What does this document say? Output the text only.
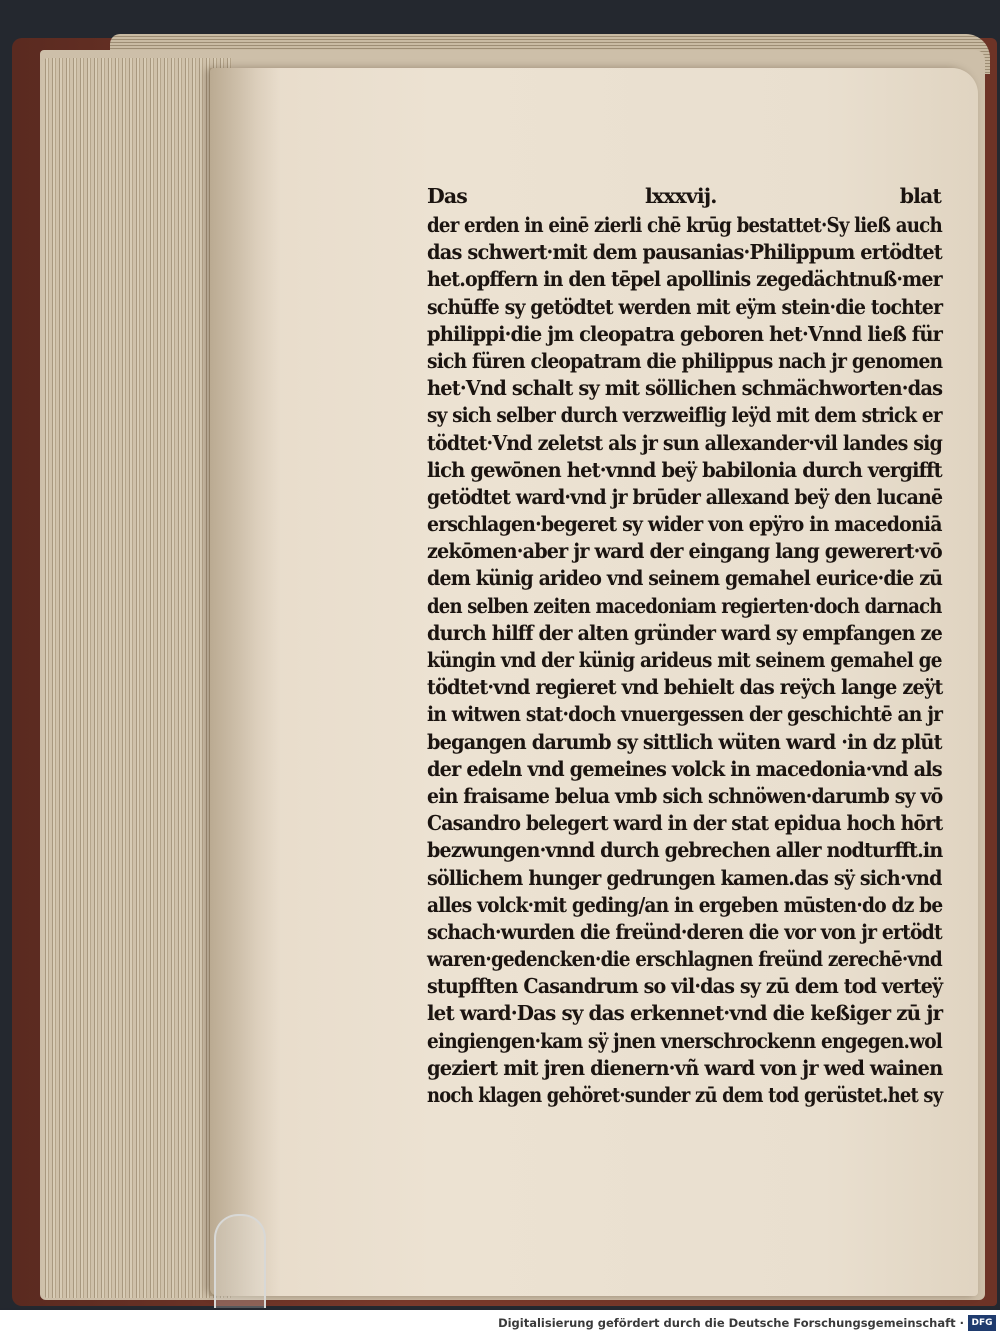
Das	lxxxvij.	blat
der erden in einē zierli chē krūg bestattet·Sy ließ auch
das schwert·mit dem pausanias·Philippum ertödtet
het.opffern in den tēpel apollinis zegedächtnuß·mer
schūffe sy getödtet werden mit eÿm stein·die tochter
philippi·die jm cleopatra geboren het·Vnnd ließ für
sich füren cleopatram die philippus nach jr genomen
het·Vnd schalt sy mit söllichen schmächworten·das
sy sich selber durch verzweiflig leÿd mit dem strick er
tödtet·Vnd zeletst als jr sun allexander·vil landes sig
lich gewōnen het·vnnd beÿ babilonia durch vergifft
getödtet ward·vnd jr brūder allexand beÿ den lucanē
erschlagen·begeret sy wider von epÿro in macedoniā
zekōmen·aber jr ward der eingang lang gewerert·vō
dem künig arideo vnd seinem gemahel eurice·die zū
den selben zeiten macedoniam regierten·doch darnach
durch hilff der alten gründer ward sy empfangen ze
küngin vnd der künig arideus mit seinem gemahel ge
tödtet·vnd regieret vnd behielt das reÿch lange zeÿt
in witwen stat·doch vnuergessen der geschichtē an jr
begangen darumb sy sittlich wüten ward ·in dz plūt
der edeln vnd gemeines volck in macedonia·vnd als
ein fraisame belua vmb sich schnöwen·darumb sy vō
Casandro belegert ward in der stat epidua hoch hōrt
bezwungen·vnnd durch gebrechen aller nodturfft.in
söllichem hunger gedrungen kamen.das sÿ sich·vnd
alles volck·mit geding/an in ergeben mūsten·do dz be
schach·wurden die freünd·deren die vor von jr ertödt
waren·gedencken·die erschlagnen freünd zerechē·vnd
stupfften Casandrum so vil·das sy zū dem tod verteÿ
let ward·Das sy das erkennet·vnd die keßiger zū jr
eingiengen·kam sÿ jnen vnerschrockenn engegen.wol
geziert mit jren dienern·vñ ward von jr wed wainen
noch klagen gehöret·sunder zū dem tod gerüstet.het sy
Digitalisierung gefördert durch die Deutsche Forschungsgemeinschaft · DFG
